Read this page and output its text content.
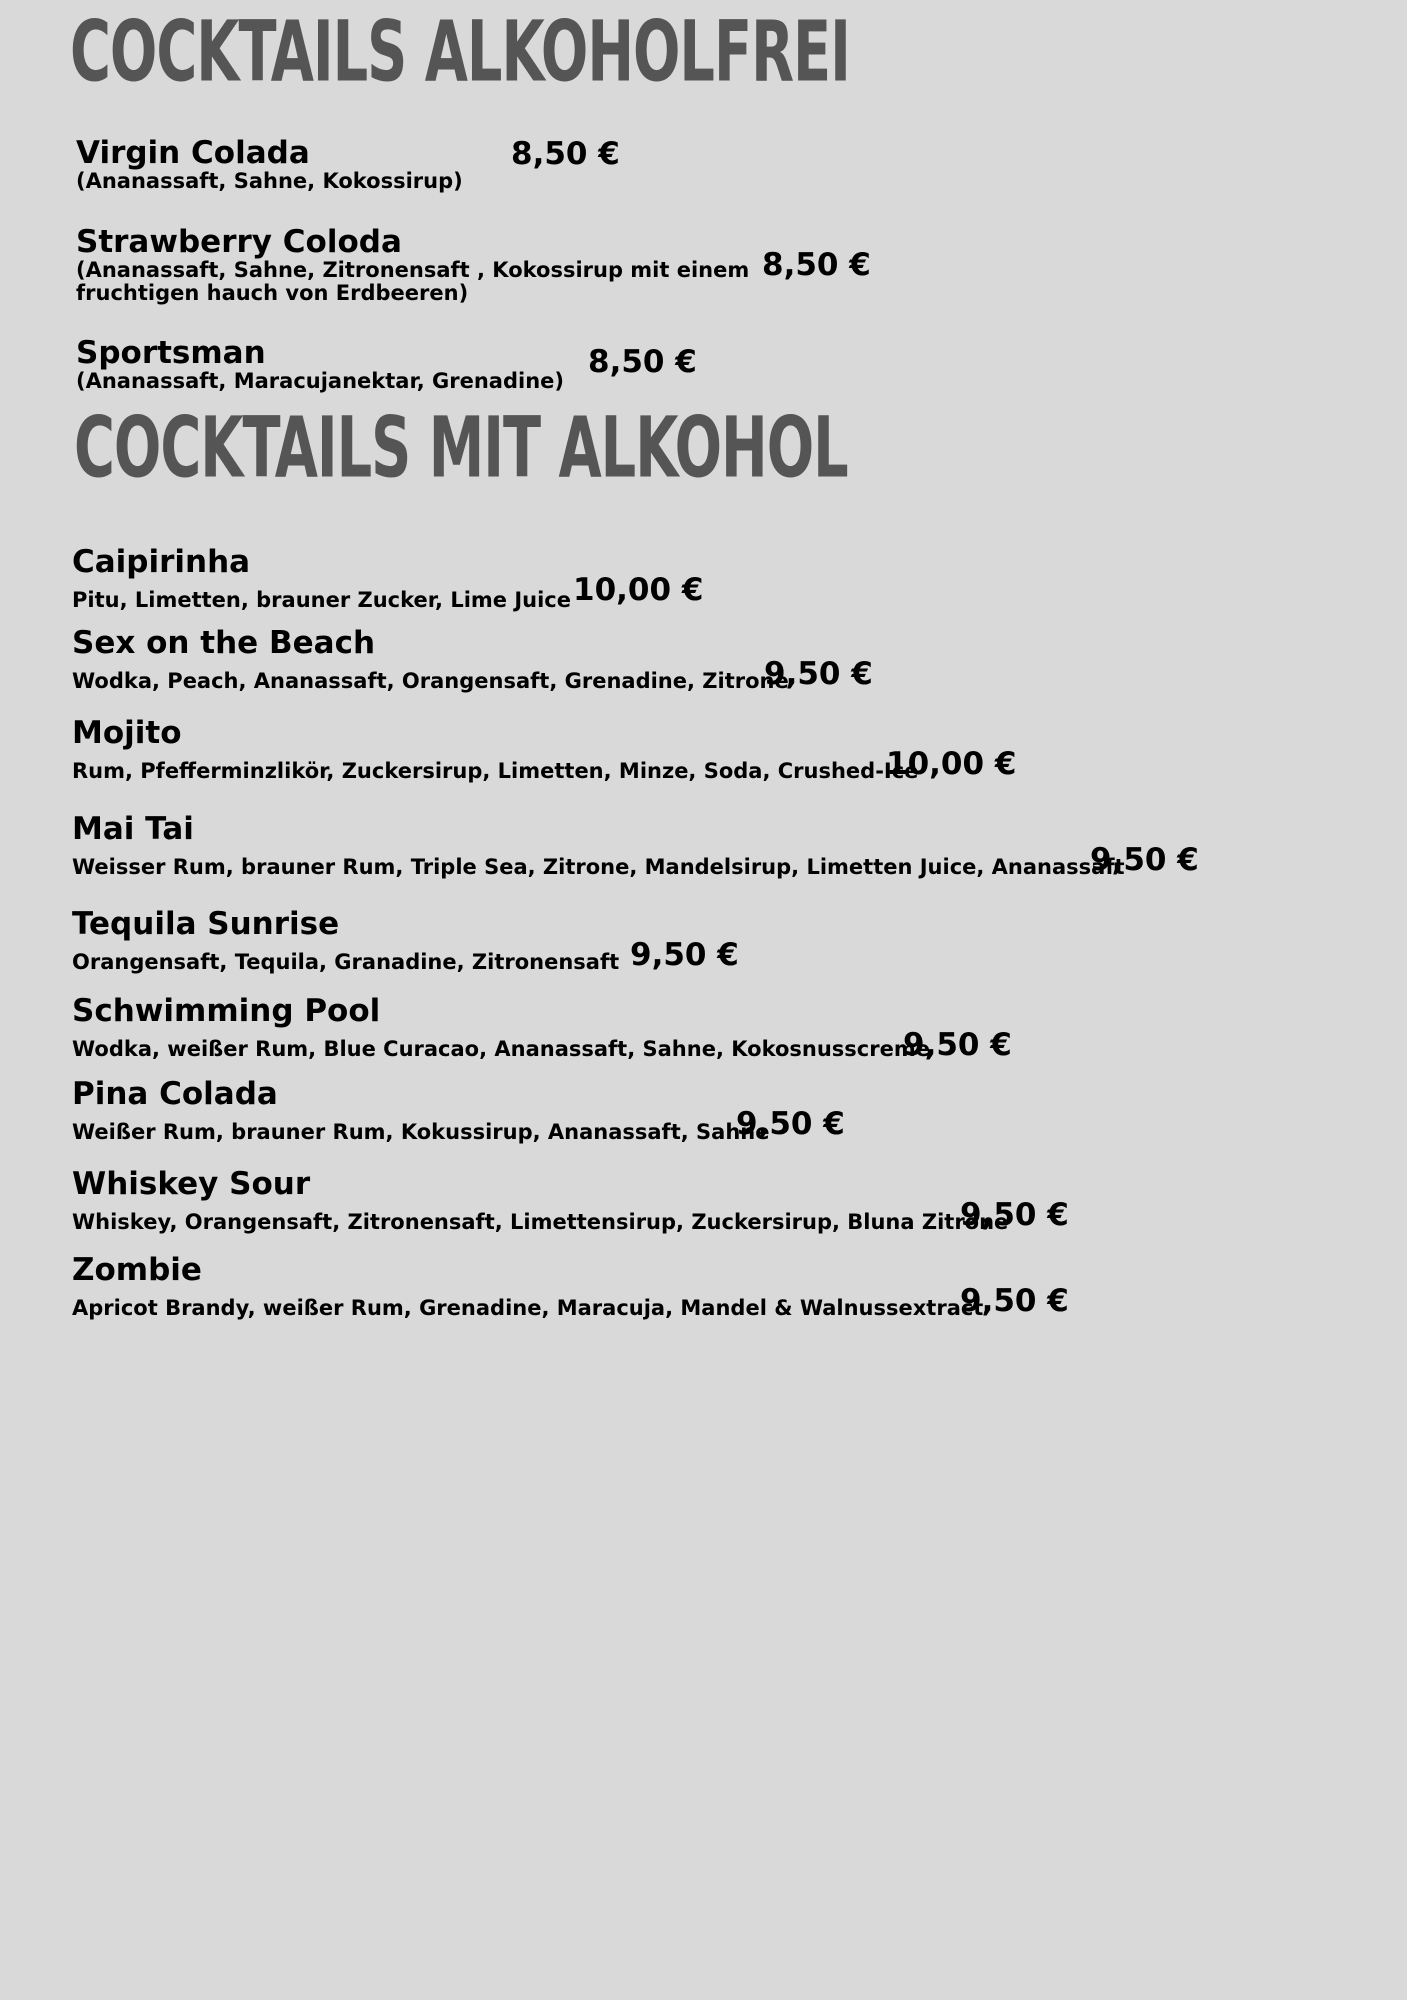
COCKTAILS ALKOHOLFREI
Virgin Colada
(Ananassaft, Sahne, Kokossirup)
8,50 €
Strawberry Coloda
(Ananassaft, Sahne, Zitronensaft , Kokossirup mit einem
fruchtigen hauch von Erdbeeren)
8,50 €
Sportsman
(Ananassaft, Maracujanektar, Grenadine)
8,50 €
COCKTAILS MIT ALKOHOL
Caipirinha
Pitu, Limetten, brauner Zucker, Lime Juice 10,00 €
Sex on the Beach
Wodka, Peach, Ananassaft, Orangensaft, Grenadine, Zitrone
9,50 €
Mojito
Rum, Pfefferminzlikör, Zuckersirup, Limetten, Minze, Soda, Crushed-Ice
10,00 €
Mai Tai
Weisser Rum, brauner Rum, Triple Sea, Zitrone, Mandelsirup, Limetten Juice, Ananassaft
9,50 €
Tequila Sunrise
Orangensaft, Tequila, Granadine, Zitronensaft 9,50 €
Schwimming Pool
Wodka, weißer Rum, Blue Curacao, Ananassaft, Sahne, Kokosnusscreme
9,50 €
Pina Colada
Weißer Rum, brauner Rum, Kokussirup, Ananassaft, Sahne
9,50 €
Whiskey Sour
Whiskey, Orangensaft, Zitronensaft, Limettensirup, Zuckersirup, Bluna Zitrone
9,50 €
Zombie
Apricot Brandy, weißer Rum, Grenadine, Maracuja, Mandel & Walnussextract
9,50 €
